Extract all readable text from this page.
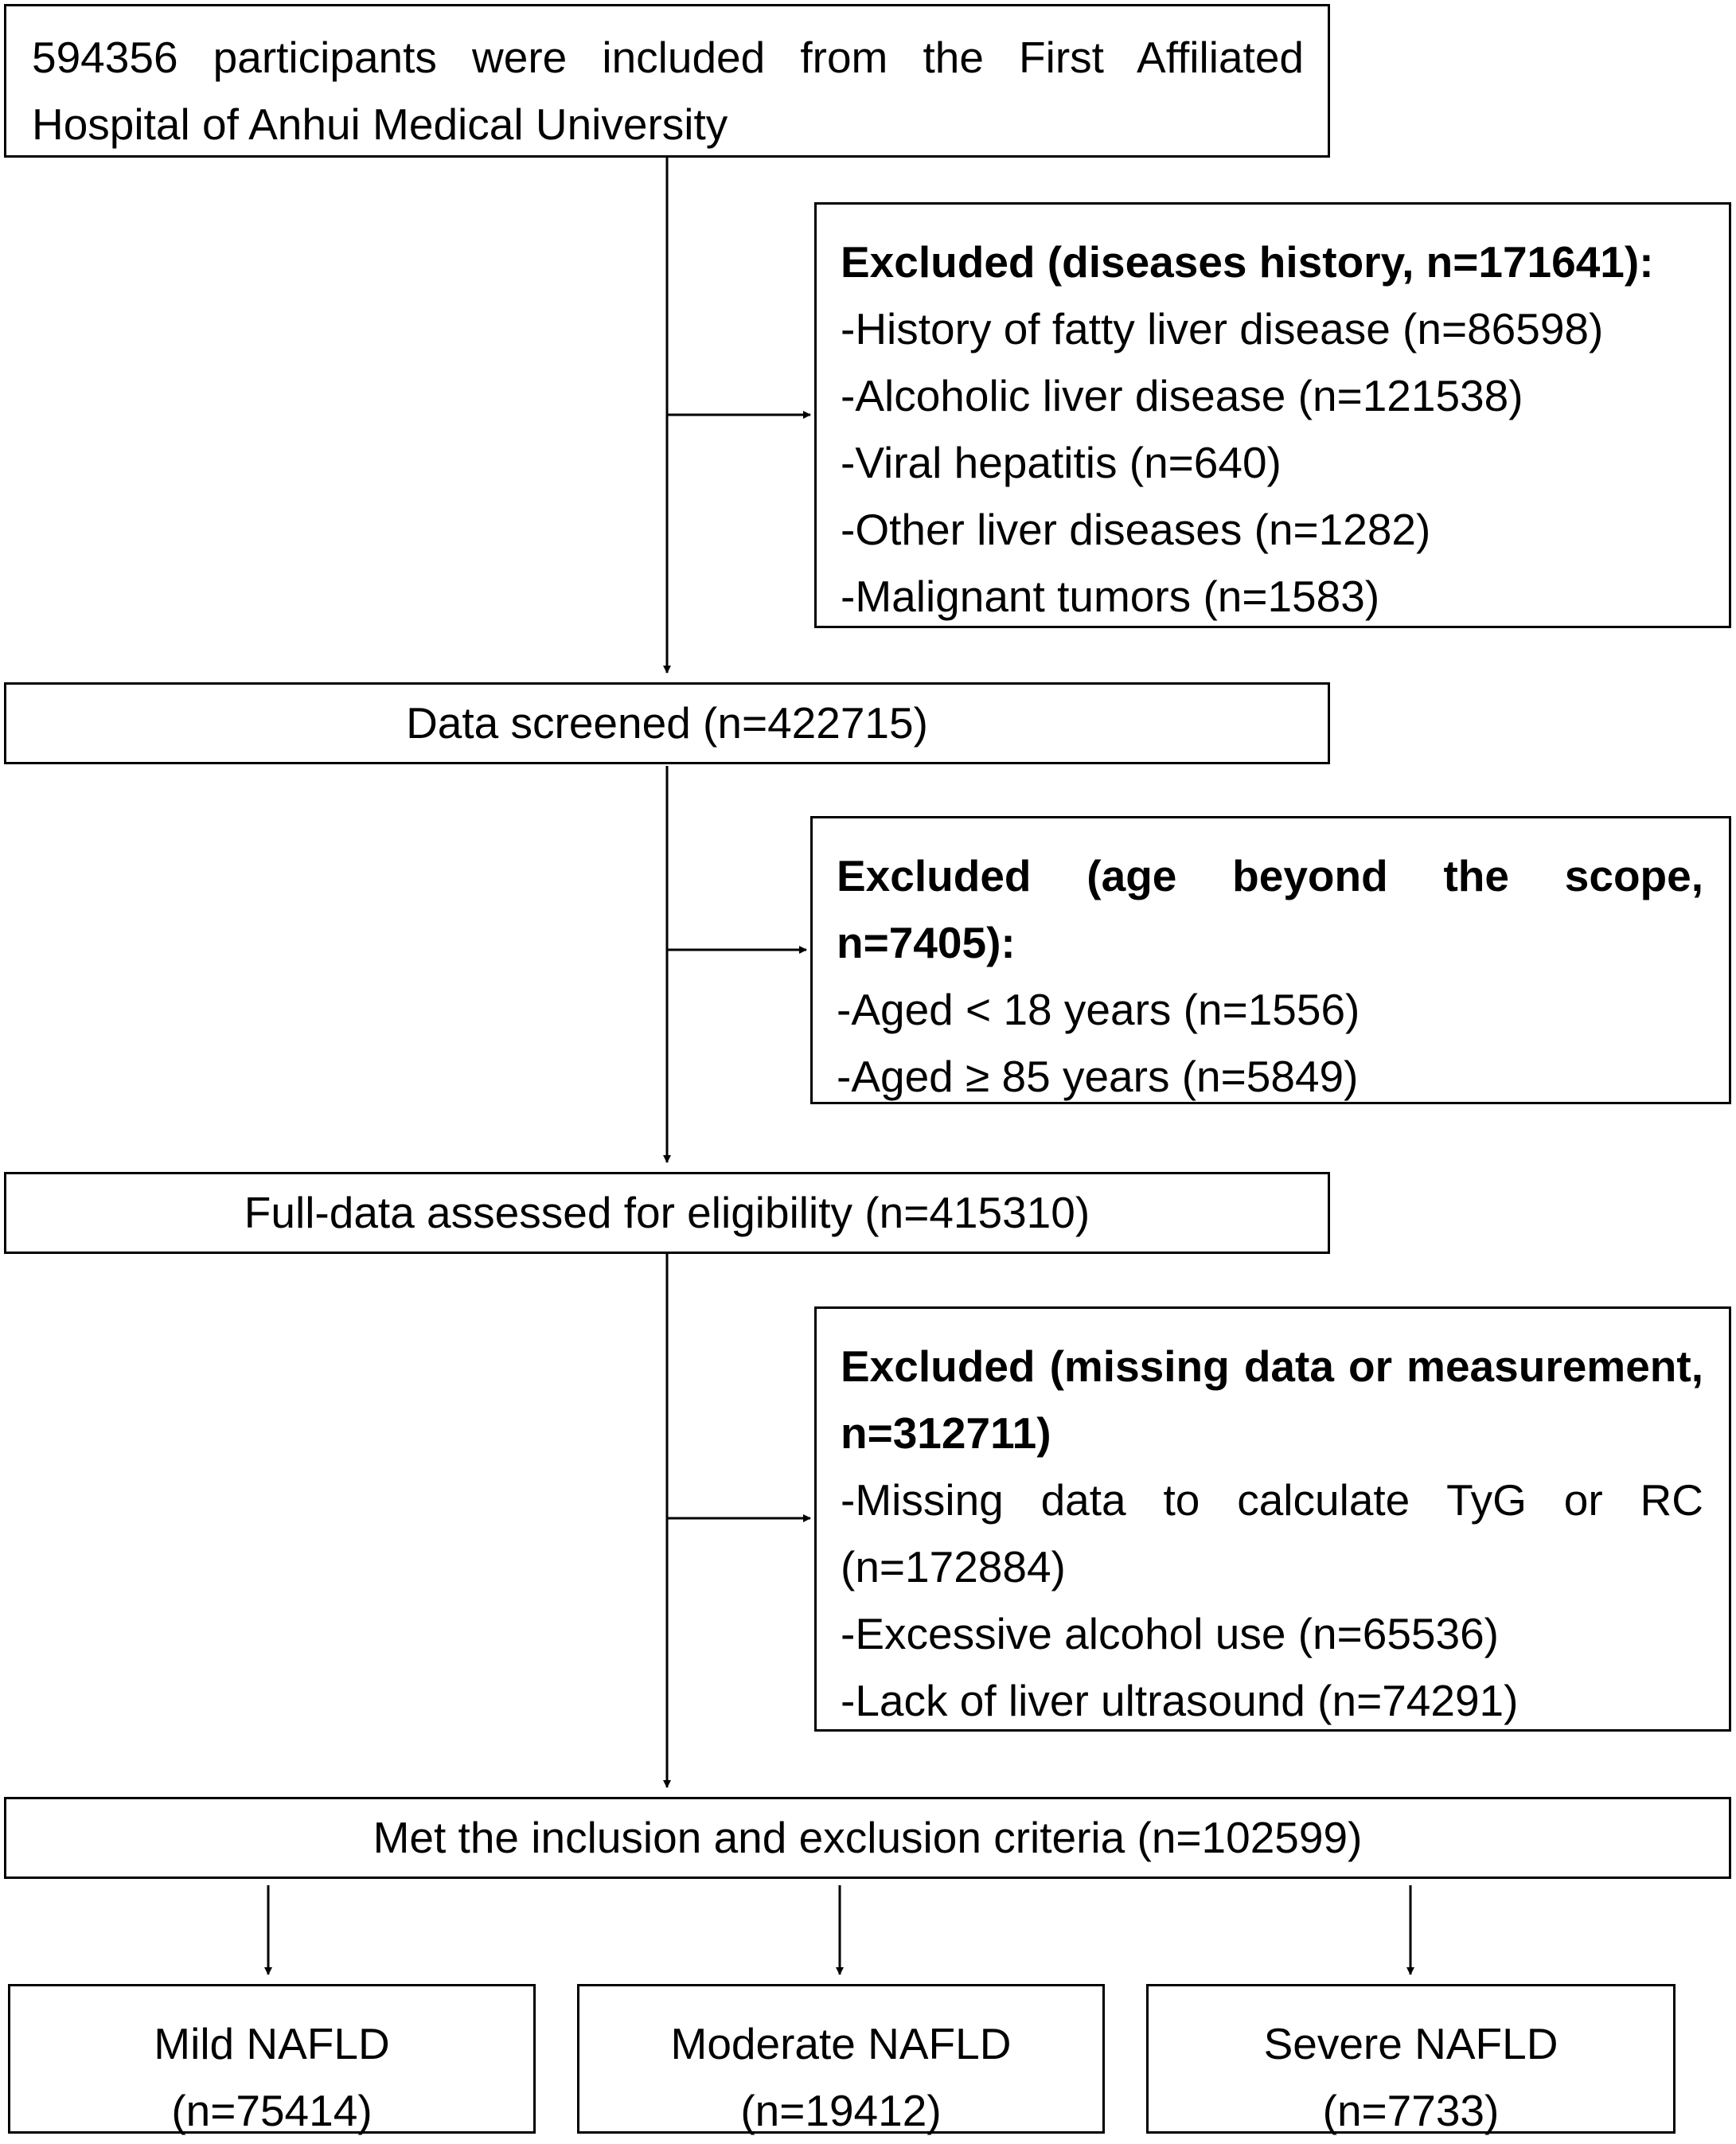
594356 participants were included from the First Affiliated Hospital of Anhui Medical University
Excluded (diseases history, n=171641):
-History of fatty liver disease (n=86598)
-Alcoholic liver disease (n=121538)
-Viral hepatitis (n=640)
-Other liver diseases (n=1282)
-Malignant tumors (n=1583)
Data screened (n=422715)
Excluded (age beyond the scope, n=7405):
-Aged < 18 years (n=1556)
-Aged ≥ 85 years (n=5849)
Full-data assessed for eligibility (n=415310)
Excluded (missing data or measurement, n=312711)
-Missing data to calculate TyG or RC (n=172884)
-Excessive alcohol use (n=65536)
-Lack of liver ultrasound (n=74291)
Met the inclusion and exclusion criteria (n=102599)
Mild NAFLD
(n=75414)
Moderate NAFLD
(n=19412)
Severe NAFLD
(n=7733)
